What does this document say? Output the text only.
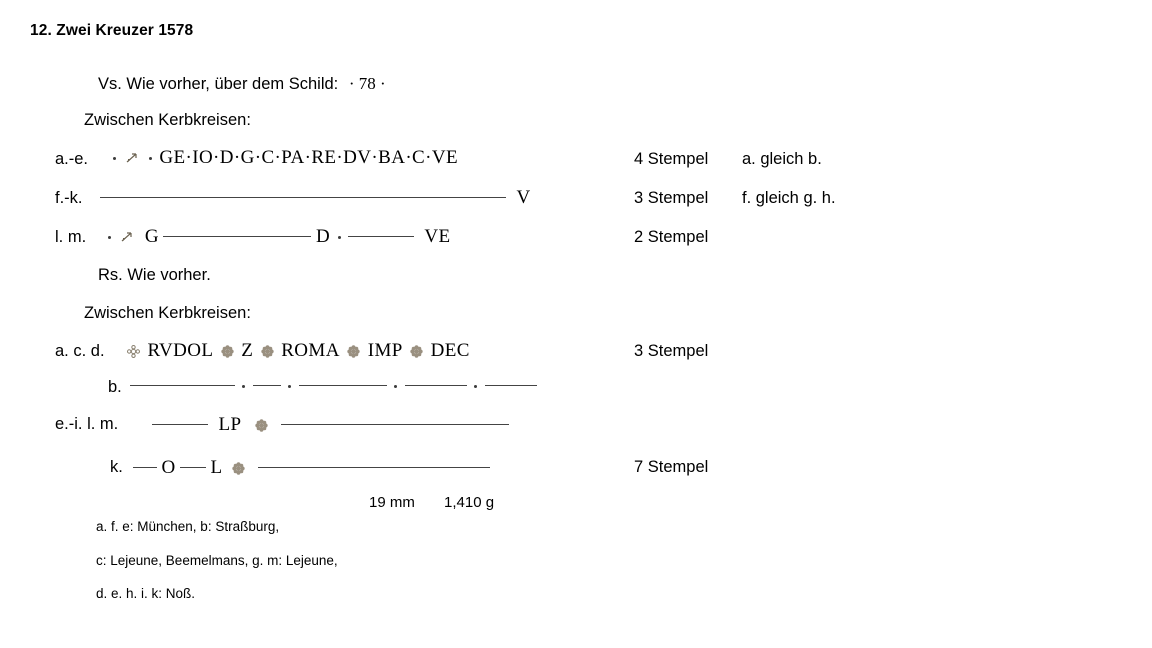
12. Zwei Kreuzer 1578
Vs. Wie vorher, über dem Schild: · 78 ·
Zwischen Kerbkreisen:
a.-e.	GE·IO·D·G·C·PA·RE·DV·BA·C·VE	4 Stempel a. gleich b.
f.-k.	V	3 Stempel f. gleich g. h.
l. m.	G	D	VE	2 Stempel
Rs. Wie vorher.
Zwischen Kerbkreisen:
a. c. d.	RVDOL Z ROMA IMP DEC	3 Stempel
b.

e.-i. l. m.	LP
k.	O L	7 Stempel
19 mm 1,410 g
a. f. e: München, b: Straßburg,
c: Lejeune, Beemelmans, g. m: Lejeune,
d. e. h. i. k: Noß.
